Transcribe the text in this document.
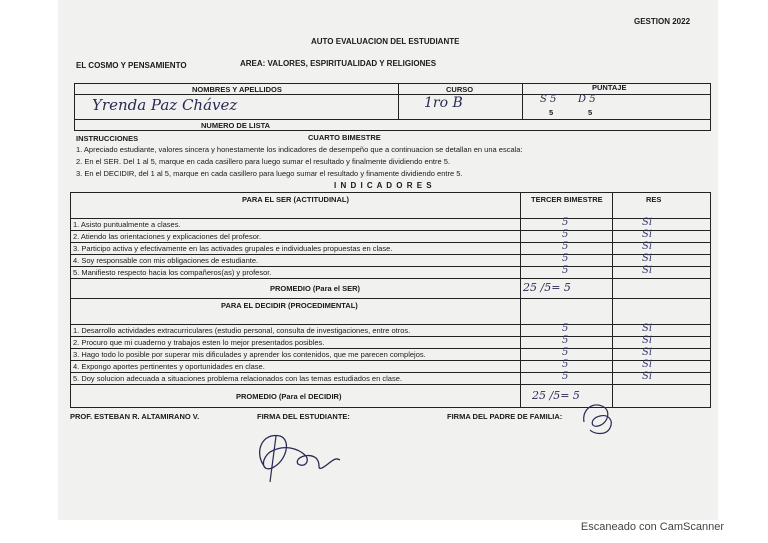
GESTION 2022
AUTO EVALUACION DEL ESTUDIANTE
EL COSMO Y PENSAMIENTO	AREA: VALORES, ESPIRITUALIDAD Y RELIGIONES
NOMBRES Y APELLIDOS	CURSO	PUNTAJE
Yrenda Paz Chávez	1ro B	S 5 D 5
5	5
NUMERO DE LISTA
INSTRUCCIONES	CUARTO BIMESTRE
1. Apreciado estudiante, valores sincera y honestamente los indicadores de desempeño que a continuacion se detallan en una escala:
2. En el SER. Del 1 al 5, marque en cada casillero para luego sumar el resultado y finalmente dividiendo entre 5.
3. En el DECIDIR, del 1 al 5, marque en cada casillero para luego sumar el resultado y finamente dividiendo entre 5.
I N D I C A D O R E S
PARA EL SER (ACTITUDINAL)	TERCER BIMESTRE	RES
1. Asisto puntualmente a clases.	5	Si
2. Atiendo las orientaciones y explicaciones del profesor.	5	Si
3. Participo activa y efectivamente en las activades grupales e individuales propuestas en clase.	5	Si
4. Soy responsable con mis obligaciones de estudiante.	5	Si
5. Manifiesto respecto hacia los compañeros(as) y profesor.	5	Si
PROMEDIO (Para el SER)	25 /5= 5
PARA EL DECIDIR (PROCEDIMENTAL)
1. Desarrollo actividades extracurriculares (estudio personal, consulta de investigaciones, entre otros.	5	Si
2. Procuro que mi cuaderno y trabajos esten lo mejor presentados posibles.	5	Si
3. Hago todo lo posible por superar mis dificulades y aprender los contenidos, que me parecen complejos.	5	Si
4. Expongo aportes pertinentes y oportunidades en clase.	5	Si
5. Doy solucion adecuada a situaciones problema relacionados con las temas estudiados en clase.	5	Si
PROMEDIO (Para el DECIDIR)	25 /5= 5
PROF. ESTEBAN R. ALTAMIRANO V.	FIRMA DEL ESTUDIANTE:	FIRMA DEL PADRE DE FAMILIA:
Escaneado con CamScanner
